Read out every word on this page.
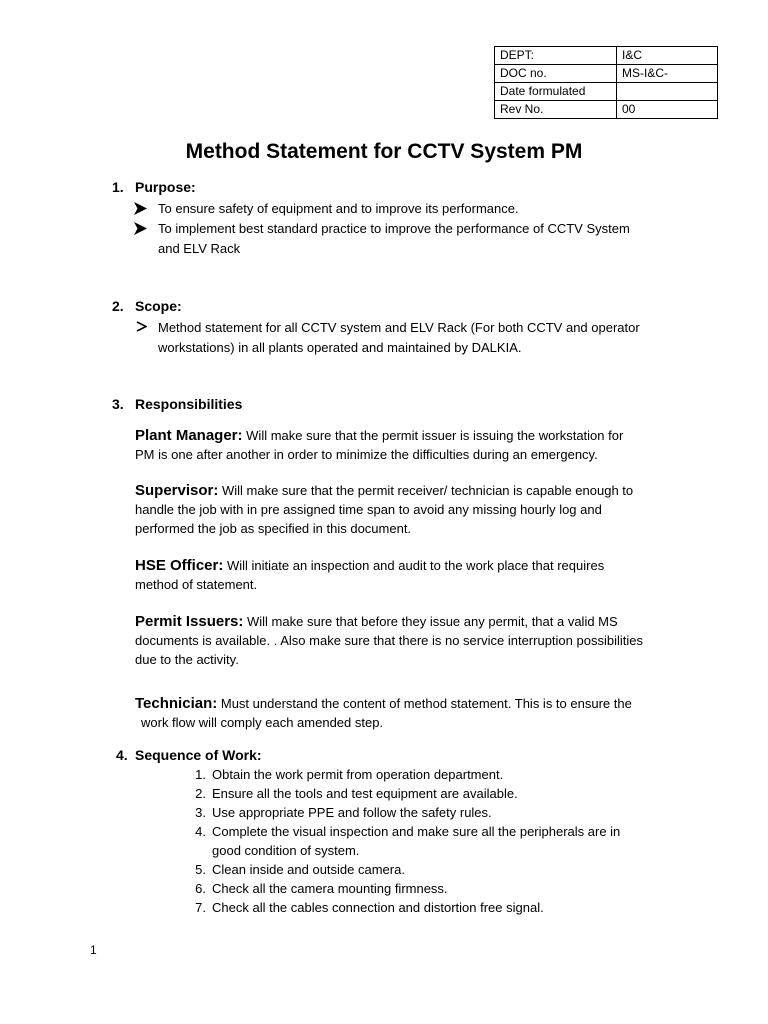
DEPT:	I&C
DOC no.	MS-I&C-
Date formulated	
Rev No.	00
Method Statement for CCTV System PM
1. Purpose:
To ensure safety of equipment and to improve its performance.
To implement best standard practice to improve the performance of CCTV System
and ELV Rack
2. Scope:
Method statement for all CCTV system and ELV Rack (For both CCTV and operator
workstations) in all plants operated and maintained by DALKIA.
3. Responsibilities
Plant Manager: Will make sure that the permit issuer is issuing the workstation for
PM is one after another in order to minimize the difficulties during an emergency.
Supervisor: Will make sure that the permit receiver/ technician is capable enough to
handle the job with in pre assigned time span to avoid any missing hourly log and
performed the job as specified in this document.
HSE Officer: Will initiate an inspection and audit to the work place that requires
method of statement.
Permit Issuers: Will make sure that before they issue any permit, that a valid MS
documents is available. . Also make sure that there is no service interruption possibilities
due to the activity.
Technician: Must understand the content of method statement. This is to ensure the
work flow will comply each amended step.
4. Sequence of Work:
1. Obtain the work permit from operation department.
2. Ensure all the tools and test equipment are available.
3. Use appropriate PPE and follow the safety rules.
4. Complete the visual inspection and make sure all the peripherals are in
good condition of system.
5. Clean inside and outside camera.
6. Check all the camera mounting firmness.
7. Check all the cables connection and distortion free signal.
1
